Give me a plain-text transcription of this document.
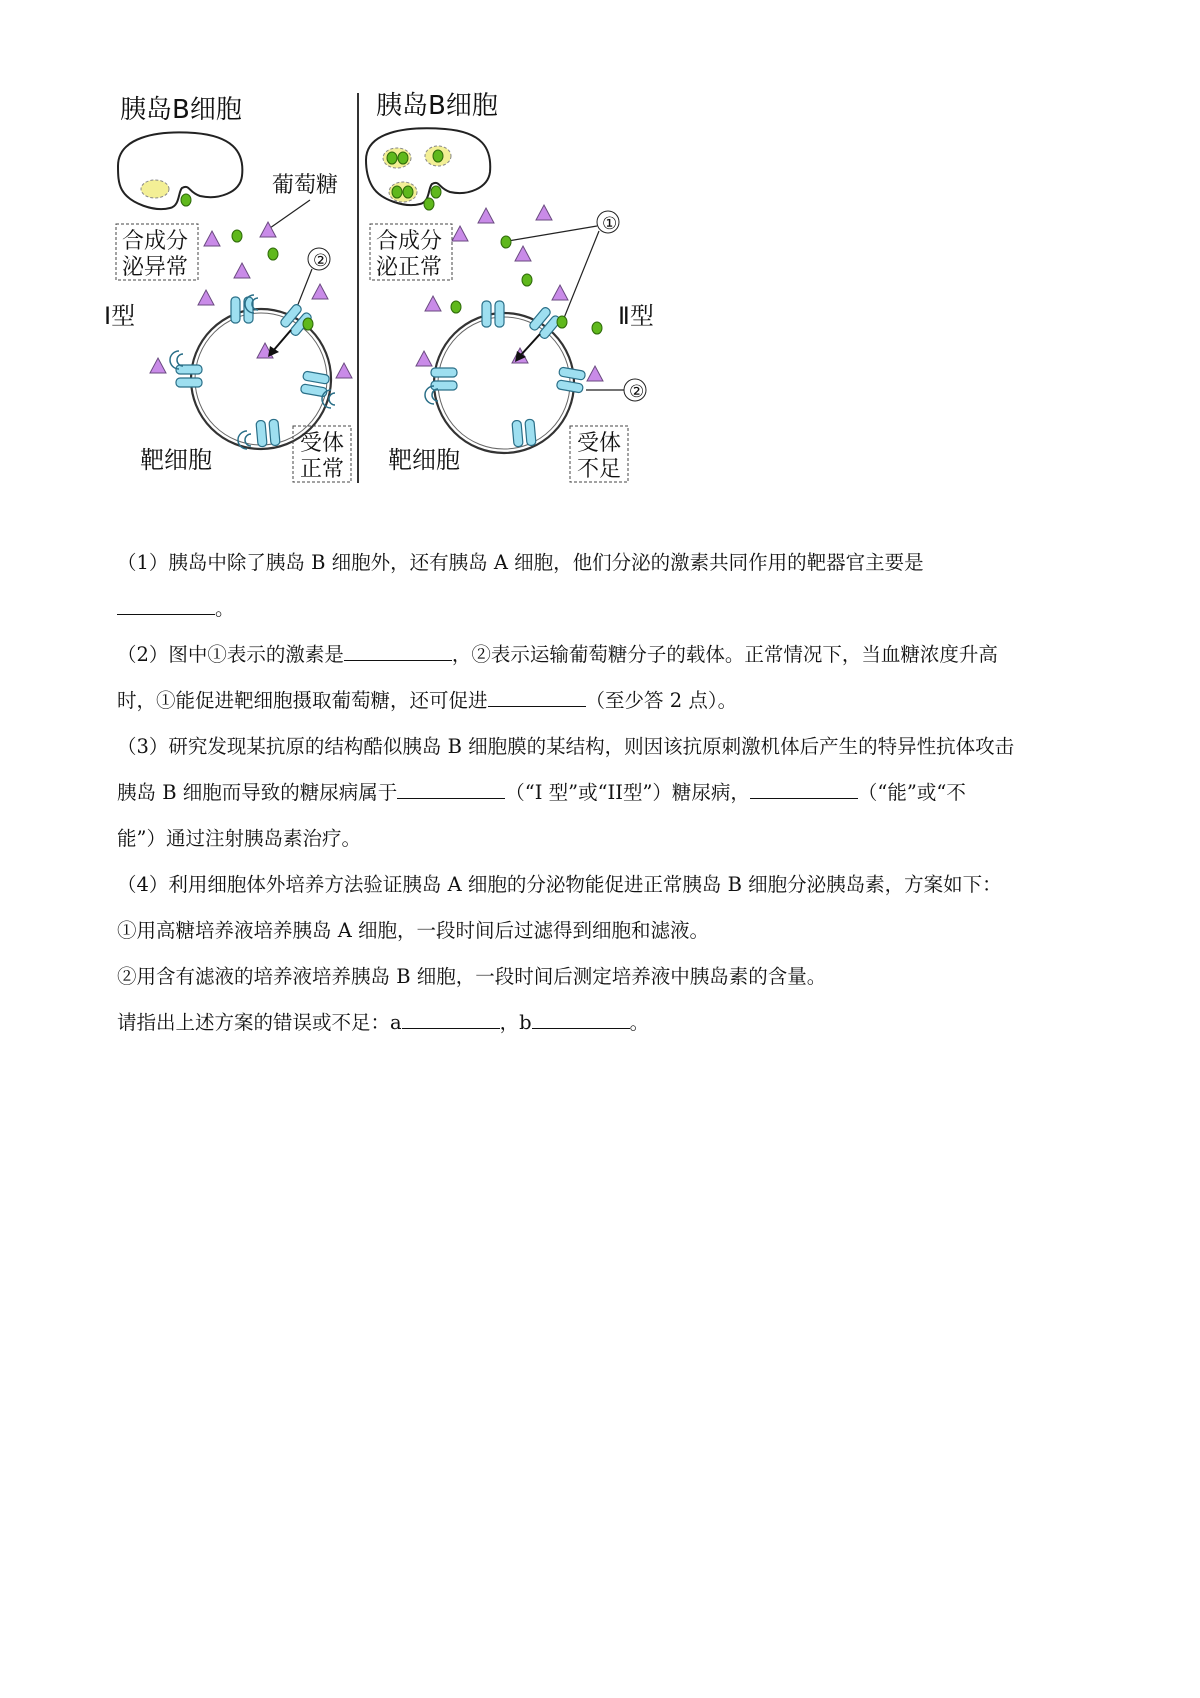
胰岛B细胞
合成分
泌异常
葡萄糖
②
Ⅰ型
受体
正常
靶细胞
胰岛B细胞
合成分
泌正常
①
Ⅱ型
②
受体
不足
靶细胞
（1）胰岛中除了胰岛 B 细胞外，还有胰岛 A 细胞，他们分泌的激素共同作用的靶器官主要是
。
（2）图中①表示的激素是	，②表示运输葡萄糖分子的载体。正常情况下，当血糖浓度升高
时，①能促进靶细胞摄取葡萄糖，还可促进	（至少答 2 点）。
（3）研究发现某抗原的结构酷似胰岛 B 细胞膜的某结构，则因该抗原刺激机体后产生的特异性抗体攻击
胰岛 B 细胞而导致的糖尿病属于	（“I 型”或“II型”）糖尿病，	（“能”或“不
能”）通过注射胰岛素治疗。
（4）利用细胞体外培养方法验证胰岛 A 细胞的分泌物能促进正常胰岛 B 细胞分泌胰岛素，方案如下：
①用高糖培养液培养胰岛 A 细胞，一段时间后过滤得到细胞和滤液。
②用含有滤液的培养液培养胰岛 B 细胞，一段时间后测定培养液中胰岛素的含量。
请指出上述方案的错误或不足：a	，b	。
